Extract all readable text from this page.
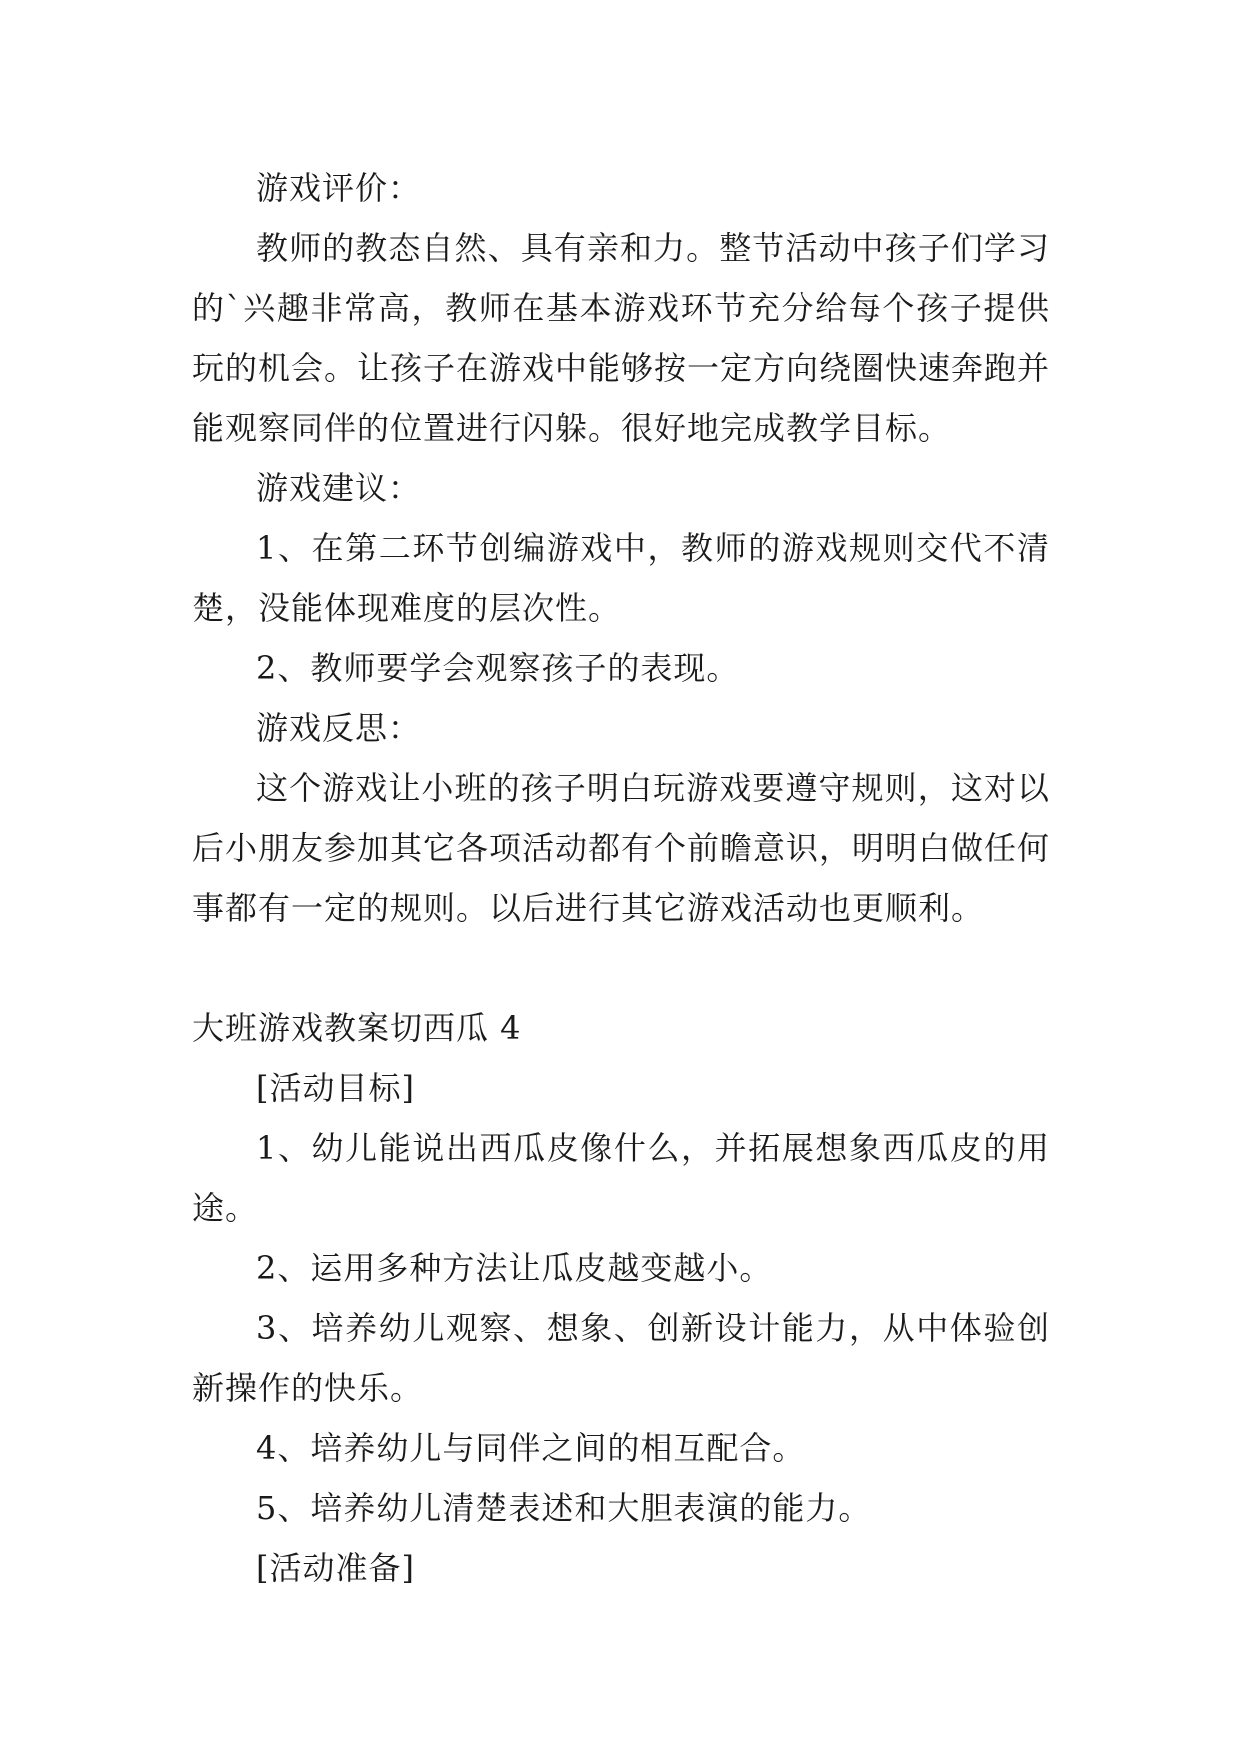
游戏评价：

教师的教态自然、具有亲和力。整节活动中孩子们学习的`兴趣非常高，教师在基本游戏环节充分给每个孩子提供玩的机会。让孩子在游戏中能够按一定方向绕圈快速奔跑并能观察同伴的位置进行闪躲。很好地完成教学目标。

游戏建议：

1、在第二环节创编游戏中，教师的游戏规则交代不清楚，没能体现难度的层次性。

2、教师要学会观察孩子的表现。

游戏反思：

这个游戏让小班的孩子明白玩游戏要遵守规则，这对以后小朋友参加其它各项活动都有个前瞻意识，明明白做任何事都有一定的规则。以后进行其它游戏活动也更顺利。

大班游戏教案切西瓜 4

[活动目标]

1、幼儿能说出西瓜皮像什么，并拓展想象西瓜皮的用途。

2、运用多种方法让瓜皮越变越小。

3、培养幼儿观察、想象、创新设计能力，从中体验创新操作的快乐。

4、培养幼儿与同伴之间的相互配合。

5、培养幼儿清楚表述和大胆表演的能力。

[活动准备]
